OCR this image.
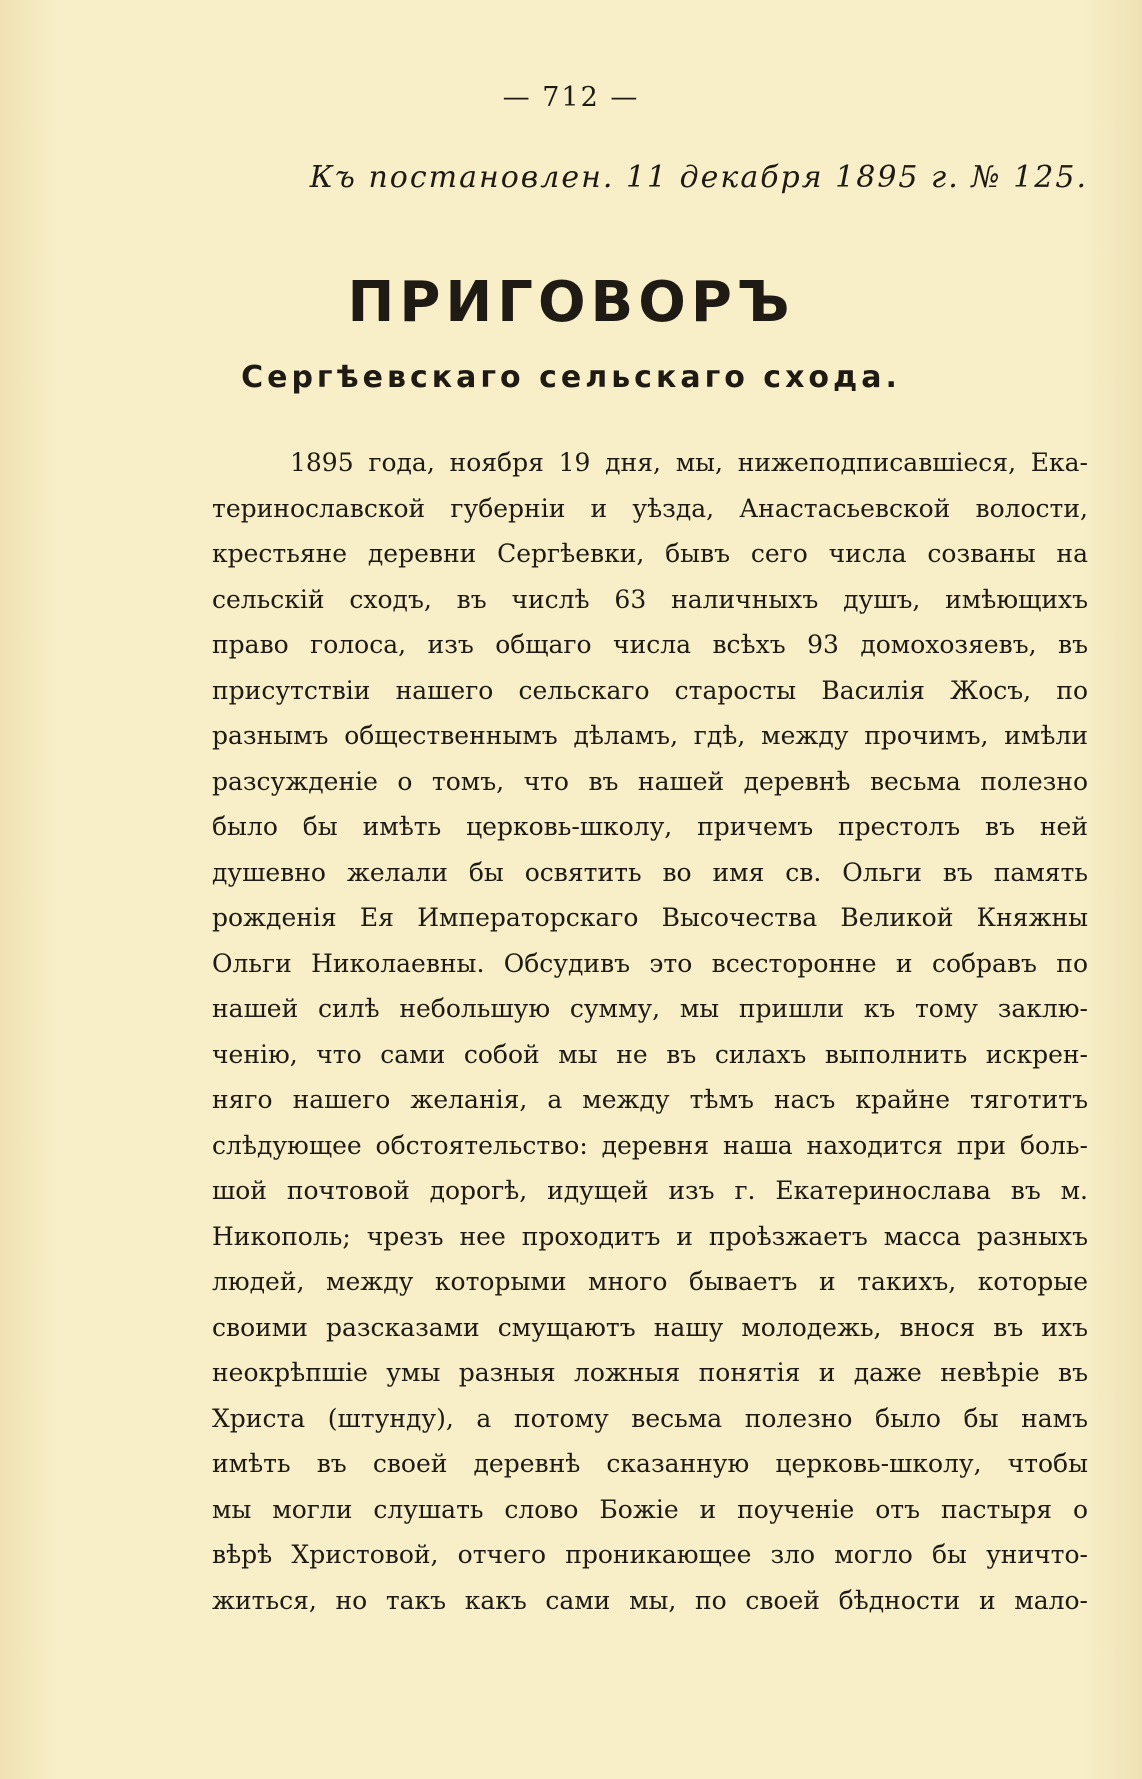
— 712 —
Къ постановлен. 11 декабря 1895 г. № 125.
ПРИГОВОРЪ
Сергѣевскаго сельскаго схода.
1895 года, ноября 19 дня, мы, нижеподписавшіеся, Ека-
теринославской губерніи и уѣзда, Анастасьевской волости,
крестьяне деревни Сергѣевки, бывъ сего числа созваны на
сельскій сходъ, въ числѣ 63 наличныхъ душъ, имѣющихъ
право голоса, изъ общаго числа всѣхъ 93 домохозяевъ, въ
присутствіи нашего сельскаго старосты Василія Жосъ, по
разнымъ общественнымъ дѣламъ, гдѣ, между прочимъ, имѣли
разсужденіе о томъ, что въ нашей деревнѣ весьма полезно
было бы имѣть церковь-школу, причемъ престолъ въ ней
душевно желали бы освятить во имя св. Ольги въ память
рожденія Ея Императорскаго Высочества Великой Княжны
Ольги Николаевны. Обсудивъ это всесторонне и собравъ по
нашей силѣ небольшую сумму, мы пришли къ тому заклю-
ченію, что сами собой мы не въ силахъ выполнить искрен-
няго нашего желанія, а между тѣмъ насъ крайне тяготитъ
слѣдующее обстоятельство: деревня наша находится при боль-
шой почтовой дорогѣ, идущей изъ г. Екатеринослава въ м.
Никополь; чрезъ нее проходитъ и проѣзжаетъ масса разныхъ
людей, между которыми много бываетъ и такихъ, которые
своими разсказами смущаютъ нашу молодежь, внося въ ихъ
неокрѣпшіе умы разныя ложныя понятія и даже невѣріе въ
Христа (штунду), а потому весьма полезно было бы намъ
имѣть въ своей деревнѣ сказанную церковь-школу, чтобы
мы могли слушать слово Божіе и поученіе отъ пастыря о
вѣрѣ Христовой, отчего проникающее зло могло бы уничто-
житься, но такъ какъ сами мы, по своей бѣдности и мало-
